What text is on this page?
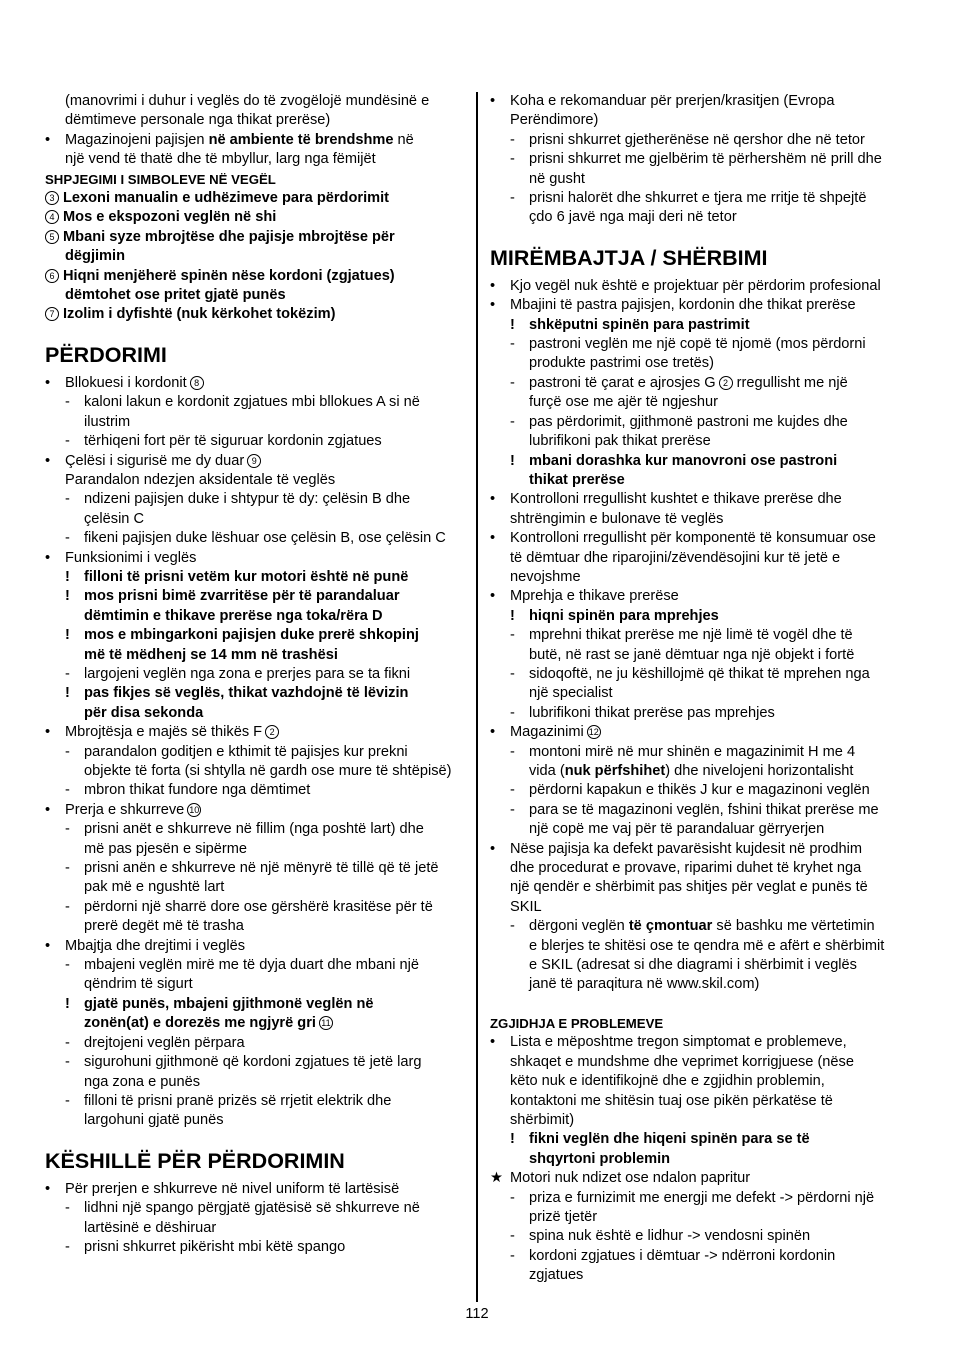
(manovrimi i duhur i veglës do të zvogëlojë mundësinë e
dëmtimeve personale nga thikat prerëse)
•	Magazinojeni pajisjen në ambiente të brendshme në
një vend të thatë dhe të mbyllur, larg nga fëmijët
SHPJEGIMI I SIMBOLEVE NË VEGËL
3 Lexoni manualin e udhëzimeve para përdorimit
4 Mos e ekspozoni veglën në shi
5 Mbani syze mbrojtëse dhe pajisje mbrojtëse për
dëgjimin
6 Hiqni menjëherë spinën nëse kordoni (zgjatues)
dëmtohet ose pritet gjatë punës
7 Izolim i dyfishtë (nuk kërkohet tokëzim)
PËRDORIMI
•	Bllokuesi i kordonit 8
- kaloni lakun e kordonit zgjatues mbi bllokues A si në
ilustrim
- tërhiqeni fort për të siguruar kordonin zgjatues
•	Çelësi i sigurisë me dy duar 9
Parandalon ndezjen aksidentale të veglës
- ndizeni pajisjen duke i shtypur të dy: çelësin B dhe
çelësin C
- fikeni pajisjen duke lëshuar ose çelësin B, ose çelësin C
•	Funksionimi i veglës
! filloni të prisni vetëm kur motori është në punë
! mos prisni bimë zvarritëse për të parandaluar
dëmtimin e thikave prerëse nga toka/rëra D
! mos e mbingarkoni pajisjen duke prerë shkopinj
më të mëdhenj se 14 mm në trashësi
- largojeni veglën nga zona e prerjes para se ta fikni
! pas fikjes së veglës, thikat vazhdojnë të lëvizin
për disa sekonda
•	Mbrojtësja e majës së thikës F 2
- parandalon goditjen e kthimit të pajisjes kur prekni
objekte të forta (si shtylla në gardh ose mure të shtëpisë)
- mbron thikat fundore nga dëmtimet
•	Prerja e shkurreve 10
- prisni anët e shkurreve në fillim (nga poshtë lart) dhe
më pas pjesën e sipërme
- prisni anën e shkurreve në një mënyrë të tillë që të jetë
pak më e ngushtë lart
- përdorni një sharrë dore ose gërshërë krasitëse për të
prerë degët më të trasha
•	Mbajtja dhe drejtimi i veglës
- mbajeni veglën mirë me të dyja duart dhe mbani një
qëndrim të sigurt
! gjatë punës, mbajeni gjithmonë veglën në
zonën(at) e dorezës me ngjyrë gri 11
- drejtojeni veglën përpara
- sigurohuni gjithmonë që kordoni zgjatues të jetë larg
nga zona e punës
- filloni të prisni pranë prizës së rrjetit elektrik dhe
largohuni gjatë punës
KËSHILLË PËR PËRDORIMIN
•	Për prerjen e shkurreve në nivel uniform të lartësisë
- lidhni një spango përgjatë gjatësisë së shkurreve në
lartësinë e dëshiruar
- prisni shkurret pikërisht mbi këtë spango
•	Koha e rekomanduar për prerjen/krasitjen (Evropa
Perëndimore)
- prisni shkurret gjetherënëse në qershor dhe në tetor
- prisni shkurret me gjelbërim të përhershëm në prill dhe
në gusht
- prisni halorët dhe shkurret e tjera me rritje të shpejtë
çdo 6 javë nga maji deri në tetor
MIRËMBAJTJA / SHËRBIMI
•	Kjo vegël nuk është e projektuar për përdorim profesional
•	Mbajini të pastra pajisjen, kordonin dhe thikat prerëse
! shkëputni spinën para pastrimit
- pastroni veglën me një copë të njomë (mos përdorni
produkte pastrimi ose tretës)
- pastroni të çarat e ajrosjes G 2 rregullisht me një
furçë ose me ajër të ngjeshur
- pas përdorimit, gjithmonë pastroni me kujdes dhe
lubrifikoni pak thikat prerëse
! mbani dorashka kur manovroni ose pastroni
thikat prerëse
•	Kontrolloni rregullisht kushtet e thikave prerëse dhe
shtrëngimin e bulonave të veglës
•	Kontrolloni rregullisht për komponentë të konsumuar ose
të dëmtuar dhe riparojini/zëvendësojini kur të jetë e
nevojshme
•	Mprehja e thikave prerëse
! hiqni spinën para mprehjes
- mprehni thikat prerëse me një limë të vogël dhe të
butë, në rast se janë dëmtuar nga një objekt i fortë
- sidoqoftë, ne ju këshillojmë që thikat të mprehen nga
një specialist
- lubrifikoni thikat prerëse pas mprehjes
•	Magazinimi 12
- montoni mirë në mur shinën e magazinimit H me 4
vida (nuk përfshihet) dhe nivelojeni horizontalisht
- përdorni kapakun e thikës J kur e magazinoni veglën
- para se të magazinoni veglën, fshini thikat prerëse me
një copë me vaj për të parandaluar gërryerjen
•	Nëse pajisja ka defekt pavarësisht kujdesit në prodhim
dhe procedurat e provave, riparimi duhet të kryhet nga
një qendër e shërbimit pas shitjes për veglat e punës të
SKIL
- dërgoni veglën të çmontuar së bashku me vërtetimin
e blerjes te shitësi ose te qendra më e afërt e shërbimit
e SKIL (adresat si dhe diagrami i shërbimit i veglës
janë të paraqitura në www.skil.com)
ZGJIDHJA E PROBLEMEVE
•	Lista e mëposhtme tregon simptomat e problemeve,
shkaqet e mundshme dhe veprimet korrigjuese (nëse
këto nuk e identifikojnë dhe e zgjidhin problemin,
kontaktoni me shitësin tuaj ose pikën përkatëse të
shërbimit)
! fikni veglën dhe hiqeni spinën para se të
shqyrtoni problemin
★ Motori nuk ndizet ose ndalon papritur
- priza e furnizimit me energji me defekt -> përdorni një
prizë tjetër
- spina nuk është e lidhur -> vendosni spinën
- kordoni zgjatues i dëmtuar -> ndërroni kordonin
zgjatues
112
